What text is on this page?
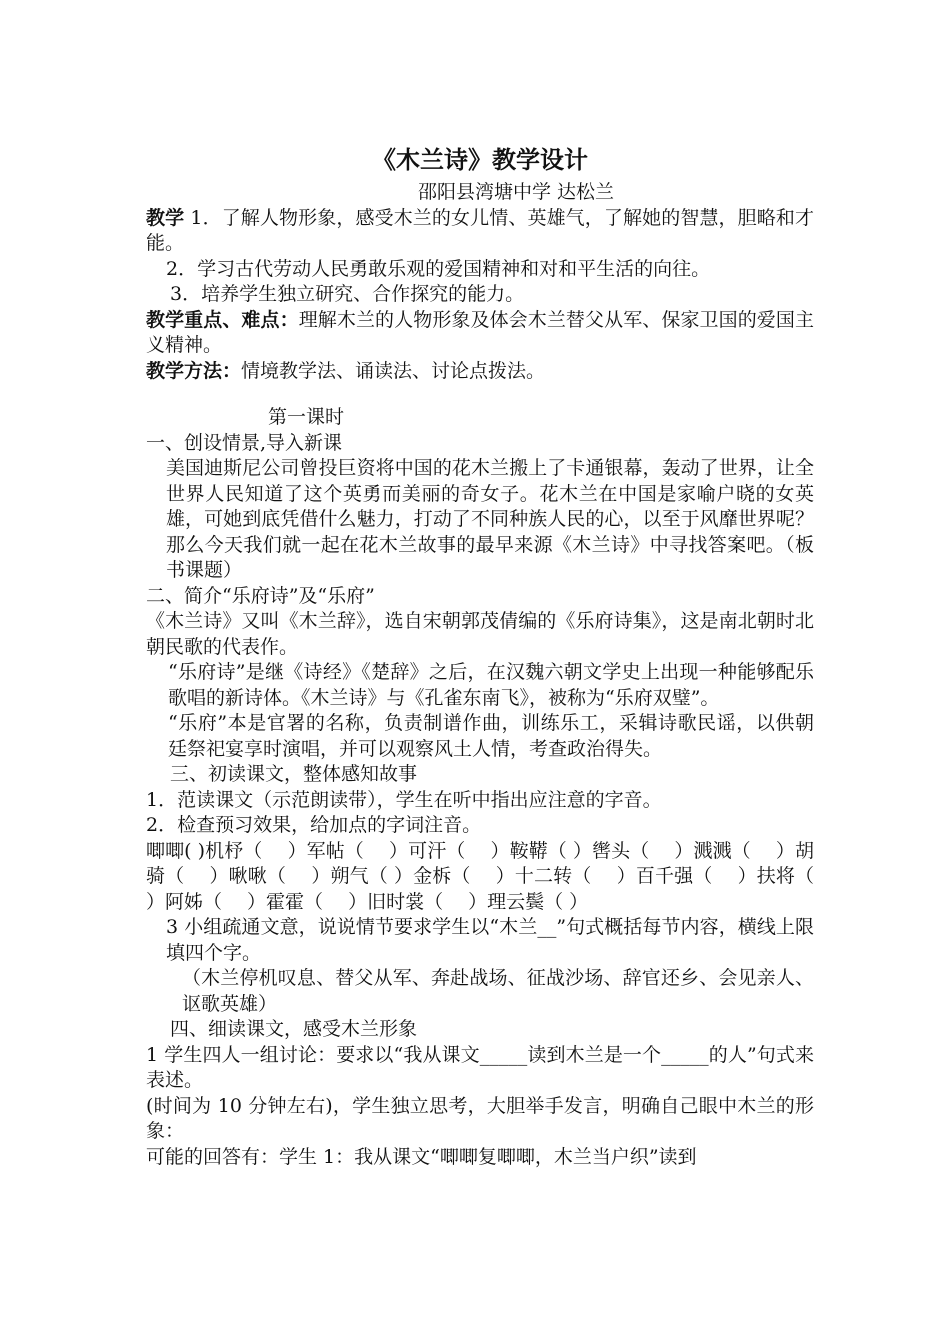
《木兰诗》教学设计

邵阳县湾塘中学 达松兰

教学 1．了解人物形象，感受木兰的女儿情、英雄气，了解她的智慧，胆略和才能。

2．学习古代劳动人民勇敢乐观的爱国精神和对和平生活的向往。

3．培养学生独立研究、合作探究的能力。

教学重点、难点：理解木兰的人物形象及体会木兰替父从军、保家卫国的爱国主义精神。

教学方法：情境教学法、诵读法、讨论点拨法。

第一课时

一、创设情景,导入新课

美国迪斯尼公司曾投巨资将中国的花木兰搬上了卡通银幕，轰动了世界，让全世界人民知道了这个英勇而美丽的奇女子。花木兰在中国是家喻户晓的女英雄，可她到底凭借什么魅力，打动了不同种族人民的心，以至于风靡世界呢？那么今天我们就一起在花木兰故事的最早来源《木兰诗》中寻找答案吧。（板书课题）

二、简介“乐府诗”及“乐府”

《木兰诗》又叫《木兰辞》，选自宋朝郭茂倩编的《乐府诗集》，这是南北朝时北朝民歌的代表作。

“乐府诗”是继《诗经》《楚辞》之后，在汉魏六朝文学史上出现一种能够配乐歌唱的新诗体。《木兰诗》与《孔雀东南飞》，被称为“乐府双璧”。

“乐府”本是官署的名称，负责制谱作曲，训练乐工，采辑诗歌民谣，以供朝廷祭祀宴享时演唱，并可以观察风土人情，考查政治得失。

三、初读课文，整体感知故事

1．范读课文（示范朗读带），学生在听中指出应注意的字音。

2．检查预习效果，给加点的字词注音。

唧唧( )机杼（　 ）军帖（　 ）可汗（　 ）鞍鞯（ ）辔头（　 ）溅溅（　 ）胡骑（　 ）啾啾（　 ）朔气（ ）金柝（　 ）十二转（　 ）百千强（　 ）扶将（ ）阿姊（　 ）霍霍（　 ）旧时裳（　 ）理云鬓（ ）

3 小组疏通文意，说说情节要求学生以“木兰__”句式概括每节内容，横线上限填四个字。

（木兰停机叹息、替父从军、奔赴战场、征战沙场、辞官还乡、会见亲人、讴歌英雄）

四、细读课文，感受木兰形象

1 学生四人一组讨论：要求以“我从课文_____读到木兰是一个_____的人”句式来表述。

(时间为 10 分钟左右)，学生独立思考，大胆举手发言，明确自己眼中木兰的形象：

可能的回答有：学生 1：我从课文“唧唧复唧唧，木兰当户织”读到
